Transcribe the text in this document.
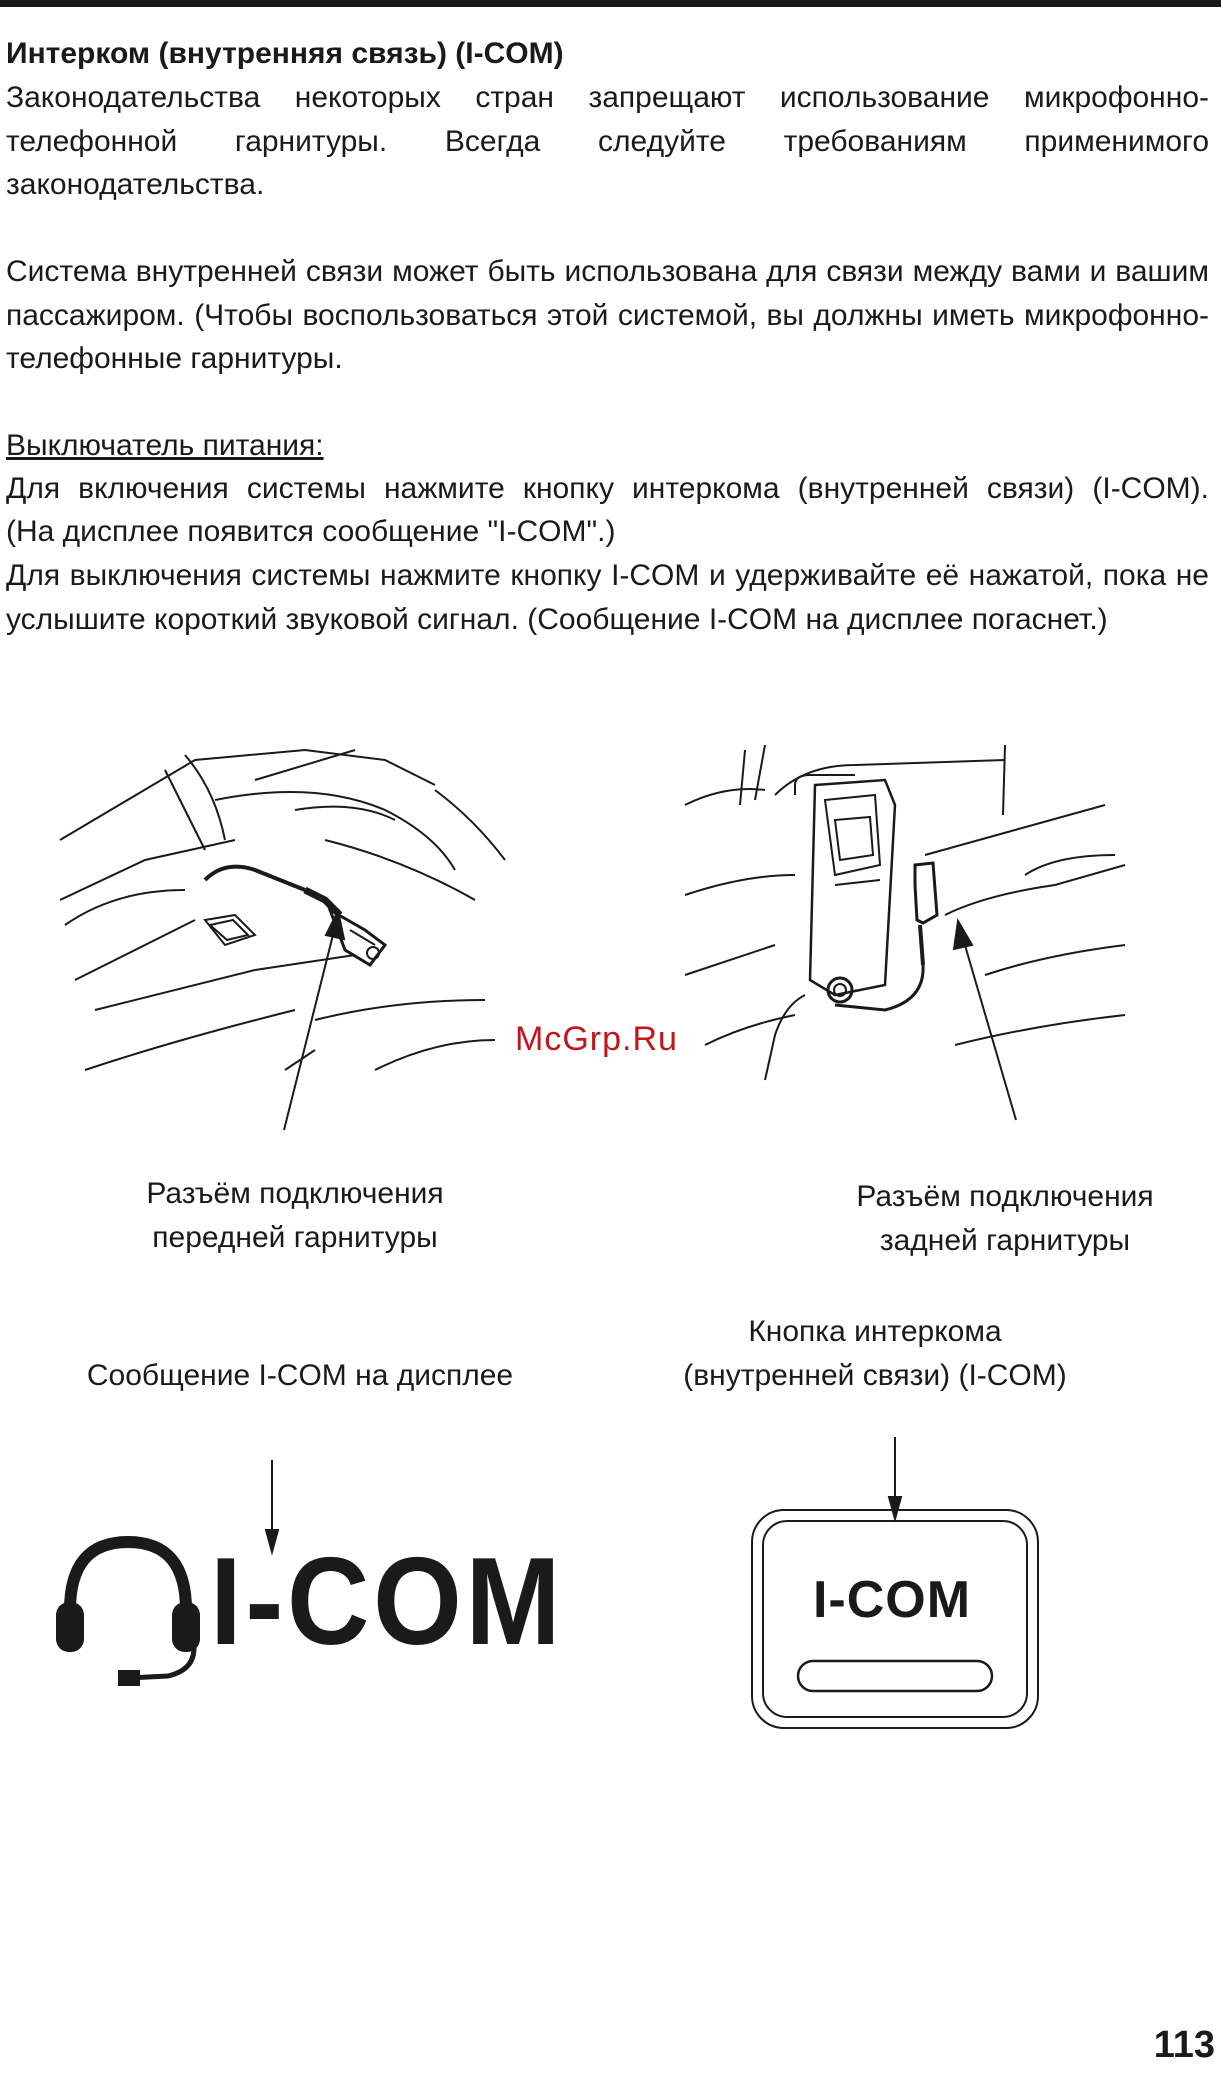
Интерком (внутренняя связь) (I-COM)
Законодательства некоторых стран запрещают использование микрофонно-телефонной гарнитуры. Всегда следуйте требованиям применимого законодательства.
Система внутренней связи может быть использована для связи между вами и вашим пассажиром. (Чтобы воспользоваться этой системой, вы должны иметь микрофонно-телефонные гарнитуры.
Выключатель питания:
Для включения системы нажмите кнопку интеркома (внутренней связи) (I-COM).
(На дисплее появится сообщение "I-COM".)
Для выключения системы нажмите кнопку I-COM и удерживайте её нажатой, пока не услышите короткий звуковой сигнал. (Сообщение I-COM на дисплее погаснет.)
McGrp.Ru
Разъём подключения
передней гарнитуры
Разъём подключения
задней гарнитуры
Кнопка интеркома
(внутренней связи) (I-COM)
Сообщение I-COM на дисплее
I-COM	I-COM
113
